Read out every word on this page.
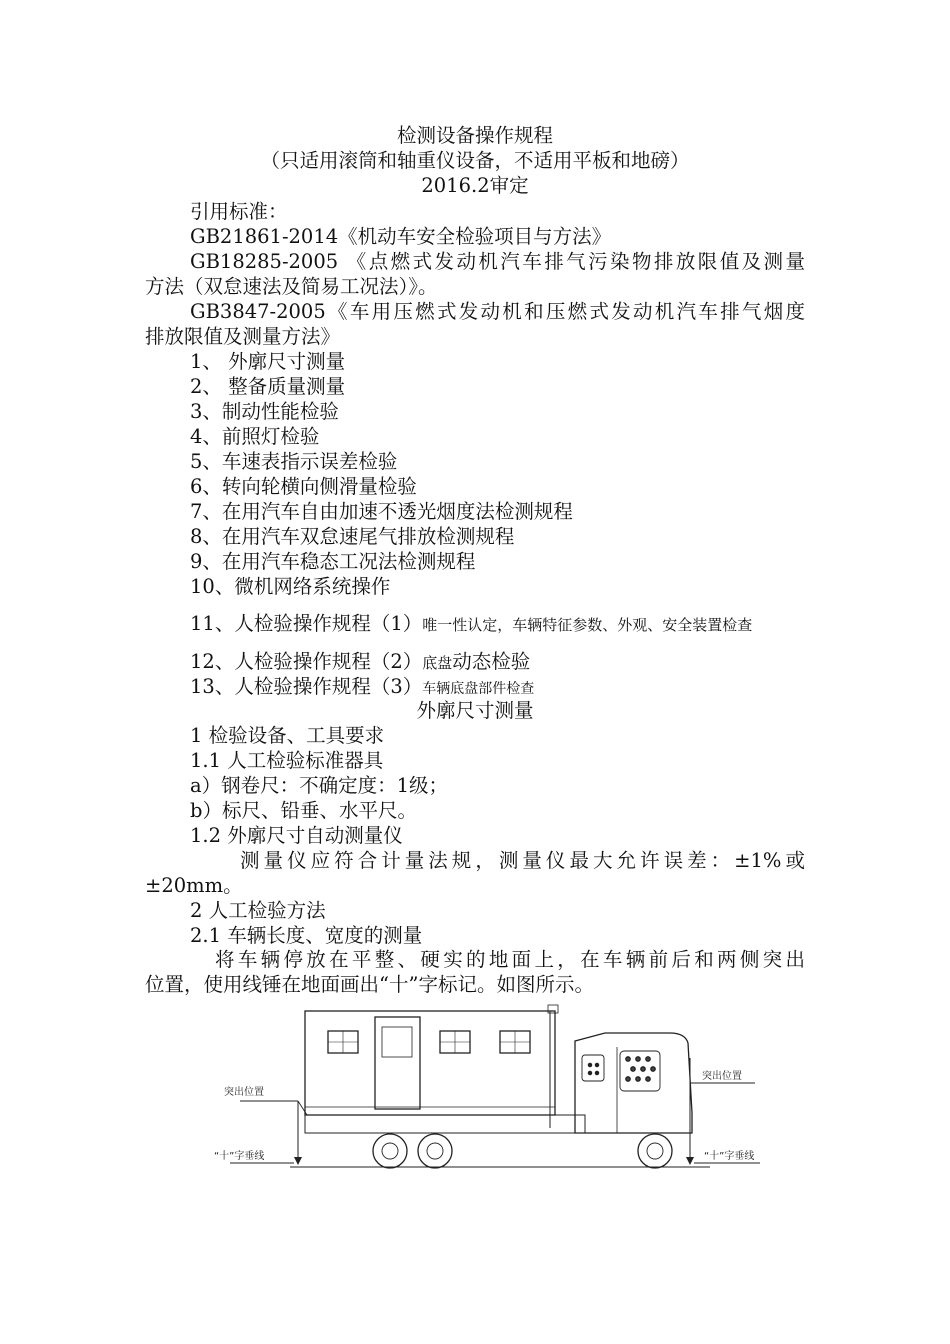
检测设备操作规程
（只适用滚筒和轴重仪设备，不适用平板和地磅）
2016.2审定
引用标准：
GB21861-2014《机动车安全检验项目与方法》
GB18285-2005 《点燃式发动机汽车排气污染物排放限值及测量
方法（双怠速法及简易工况法）》。
GB3847-2005《车用压燃式发动机和压燃式发动机汽车排气烟度
排放限值及测量方法》
1、 外廓尺寸测量
2、 整备质量测量
3、制动性能检验
4、前照灯检验
5、车速表指示误差检验
6、转向轮横向侧滑量检验
7、在用汽车自由加速不透光烟度法检测规程
8、在用汽车双怠速尾气排放检测规程
9、在用汽车稳态工况法检测规程
10、微机网络系统操作
11、人检验操作规程（1）唯一性认定，车辆特征参数、外观、安全装置检查
12、人检验操作规程（2）底盘动态检验
13、人检验操作规程（3）车辆底盘部件检查
外廓尺寸测量
1 检验设备、工具要求
1.1 人工检验标准器具
a）钢卷尺：不确定度：1级；
b）标尺、铅垂、水平尺。
1.2 外廓尺寸自动测量仪
测量仪应符合计量法规，测量仪最大允许误差：±1%或
±20mm。
2 人工检验方法
2.1 车辆长度、宽度的测量
将车辆停放在平整、硬实的地面上，在车辆前后和两侧突出
位置，使用线锤在地面画出“十”字标记。如图所示。
突出位置
“十”字垂线
突出位置
“十”字垂线
